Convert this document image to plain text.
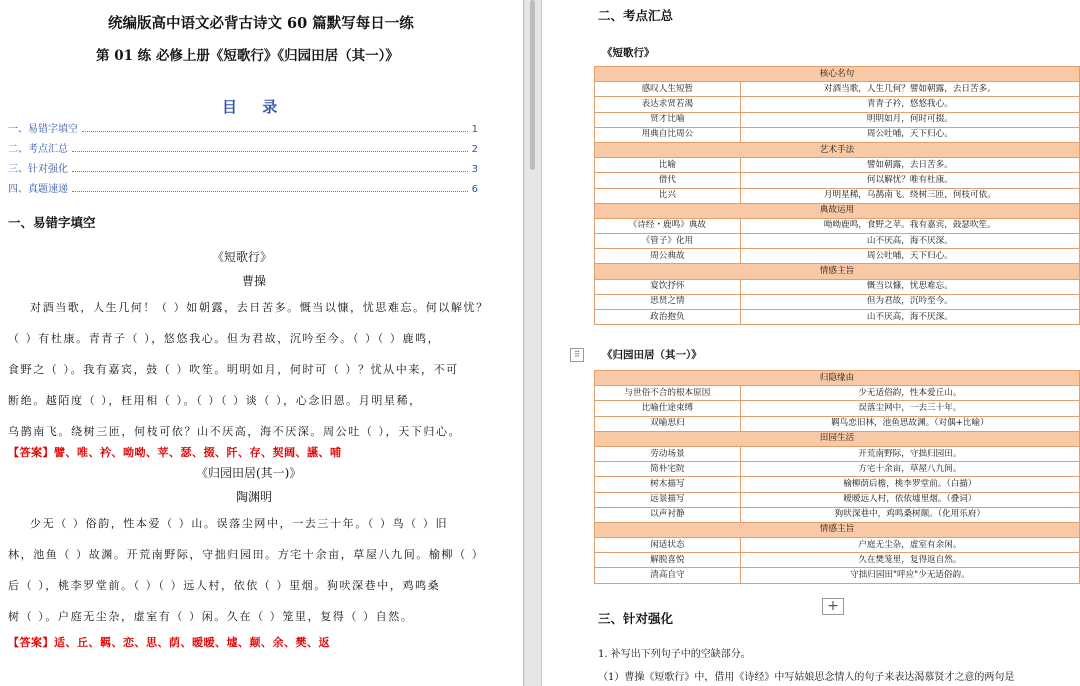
统编版高中语文必背古诗文 60 篇默写每日一练
第 01 练 必修上册《短歌行》《归园田居（其一）》
目 录
一、易错字填空	1
二、考点汇总	2
三、针对强化	3
四、真题速递	6
一、易错字填空
《短歌行》
曹操
对酒当歌，人生几何！（ ）如朝露，去日苦多。慨当以慷，忧思难忘。何以解忧？
（ ）有杜康。青青子（ ），悠悠我心。但为君故，沉吟至今。（ ）（ ）鹿鸣，
食野之（ ）。我有嘉宾，鼓（ ）吹笙。明明如月，何时可（ ）？忧从中来，不可
断绝。越陌度（ ），枉用相（ ）。（ ）（ ）谈（ ），心念旧恩。月明星稀，
乌鹊南飞。绕树三匝，何枝可依？山不厌高，海不厌深。周公吐（ ），天下归心。
【答案】譬、唯、衿、呦呦、苹、瑟、掇、阡、存、契阔、讌、哺
《归园田居(其一)》
陶渊明
少无（ ）俗韵，性本爱（ ）山。误落尘网中，一去三十年。（ ）鸟（ ）旧
林，池鱼（ ）故渊。开荒南野际，守拙归园田。方宅十余亩，草屋八九间。榆柳（ ）
后（ ），桃李罗堂前。（ ）（ ）远人村，依依（ ）里烟。狗吠深巷中，鸡鸣桑
树（ ）。户庭无尘杂，虚室有（ ）闲。久在（ ）笼里，复得（ ）自然。
【答案】适、丘、羁、恋、思、荫、暧暧、墟、颠、余、樊、返
二、考点汇总
《短歌行》
核心名句	
感叹人生短暂	对酒当歌，人生几何？譬如朝露，去日苦多。
表达求贤若渴	青青子衿，悠悠我心。
贤才比喻	明明如月，何时可掇。
用典自比周公	周公吐哺，天下归心。
艺术手法	
比喻	譬如朝露，去日苦多。
借代	何以解忧？唯有杜康。
比兴	月明星稀，乌鹊南飞。绕树三匝，何枝可依。
典故运用	
《诗经・鹿鸣》典故	呦呦鹿鸣，食野之苹。我有嘉宾，鼓瑟吹笙。
《管子》化用	山不厌高，海不厌深。
周公典故	周公吐哺，天下归心。
情感主旨	
宴饮抒怀	慨当以慷，忧思难忘。
思贤之情	但为君故，沉吟至今。
政治抱负	山不厌高，海不厌深。
《归园田居（其一）》
归隐缘由	
与世俗不合的根本原因	少无适俗韵，性本爱丘山。
比喻仕途束缚	误落尘网中，一去三十年。
双喻思归	羁鸟恋旧林，池鱼思故渊。（对偶+比喻）
田园生活	
劳动场景	开荒南野际，守拙归园田。
简朴宅院	方宅十余亩，草屋八九间。
树木描写	榆柳荫后檐，桃李罗堂前。（白描）
远景描写	暧暧远人村，依依墟里烟。（叠词）
以声衬静	狗吠深巷中，鸡鸣桑树颠。（化用乐府）
情感主旨	
闲适状态	户庭无尘杂，虚室有余闲。
解脱喜悦	久在樊笼里，复得返自然。
清高自守	守拙归园田"呼应"少无适俗韵。
三、针对强化
1. 补写出下列句子中的空缺部分。
（1）曹操《短歌行》中，借用《诗经》中写姑娘思念情人的句子来表达渴慕贤才之意的两句是
⠿
+
